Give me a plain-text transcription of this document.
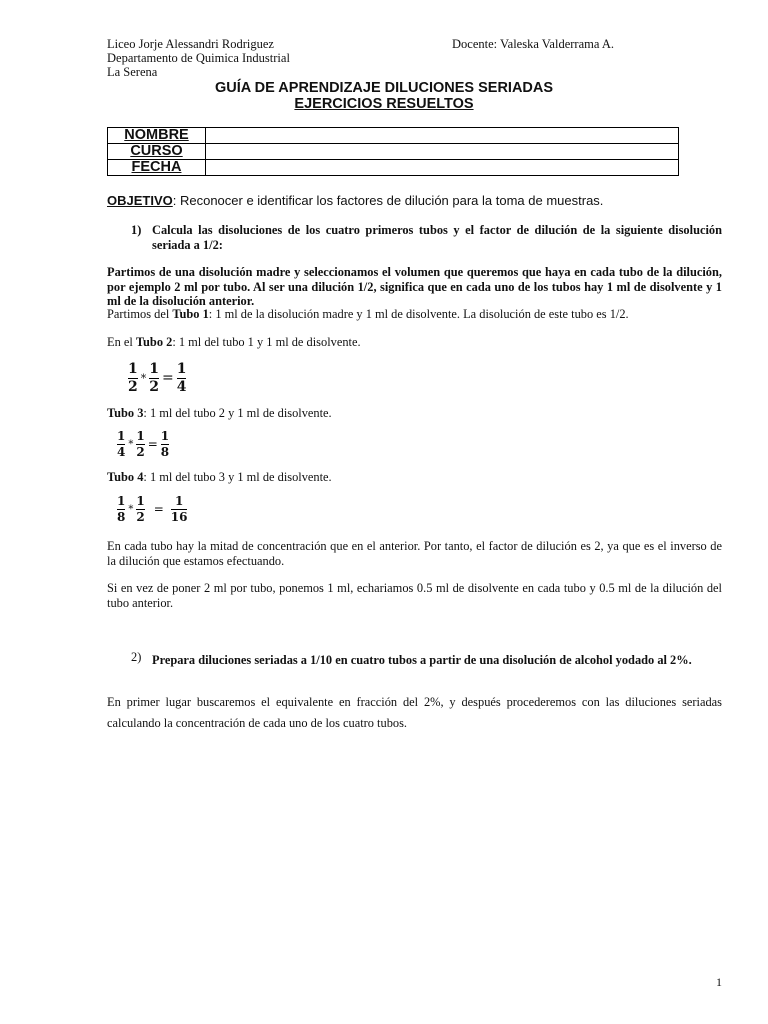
Liceo Jorje Alessandri Rodriguez	Docente: Valeska Valderrama A.
Departamento de Quimica Industrial
La Serena
GUÍA DE APRENDIZAJE DILUCIONES SERIADAS
EJERCICIOS RESUELTOS
NOMBRE	
CURSO	
FECHA	
OBJETIVO: Reconocer e identificar los factores de dilución para la toma de muestras.
1) Calcula las disoluciones de los cuatro primeros tubos y el factor de dilución de la siguiente disolución seriada a 1/2:
Partimos de una disolución madre y seleccionamos el volumen que queremos que haya en cada tubo de la dilución, por ejemplo 2 ml por tubo. Al ser una dilución 1/2, significa que en cada uno de los tubos hay 1 ml de disolvente y 1 ml de la disolución anterior.
Partimos del Tubo 1: 1 ml de la disolución madre y 1 ml de disolvente. La disolución de este tubo es 1/2.
En el Tubo 2: 1 ml del tubo 1 y 1 ml de disolvente.
$\frac{1}{2} * \frac{1}{2} = \frac{1}{4}$
Tubo 3: 1 ml del tubo 2 y 1 ml de disolvente.
$\frac{1}{4} * \frac{1}{2} = \frac{1}{8}$
Tubo 4: 1 ml del tubo 3 y 1 ml de disolvente.
$\frac{1}{8} * \frac{1}{2} = \frac{1}{16}$
En cada tubo hay la mitad de concentración que en el anterior. Por tanto, el factor de dilución es 2, ya que es el inverso de la dilución que estamos efectuando.
Si en vez de poner 2 ml por tubo, ponemos 1 ml, echariamos 0.5 ml de disolvente en cada tubo y 0.5 ml de la dilución del tubo anterior.
2) Prepara diluciones seriadas a 1/10 en cuatro tubos a partir de una disolución de alcohol yodado al 2%.
En primer lugar buscaremos el equivalente en fracción del 2%, y después procederemos con las diluciones seriadas calculando la concentración de cada uno de los cuatro tubos.
1
